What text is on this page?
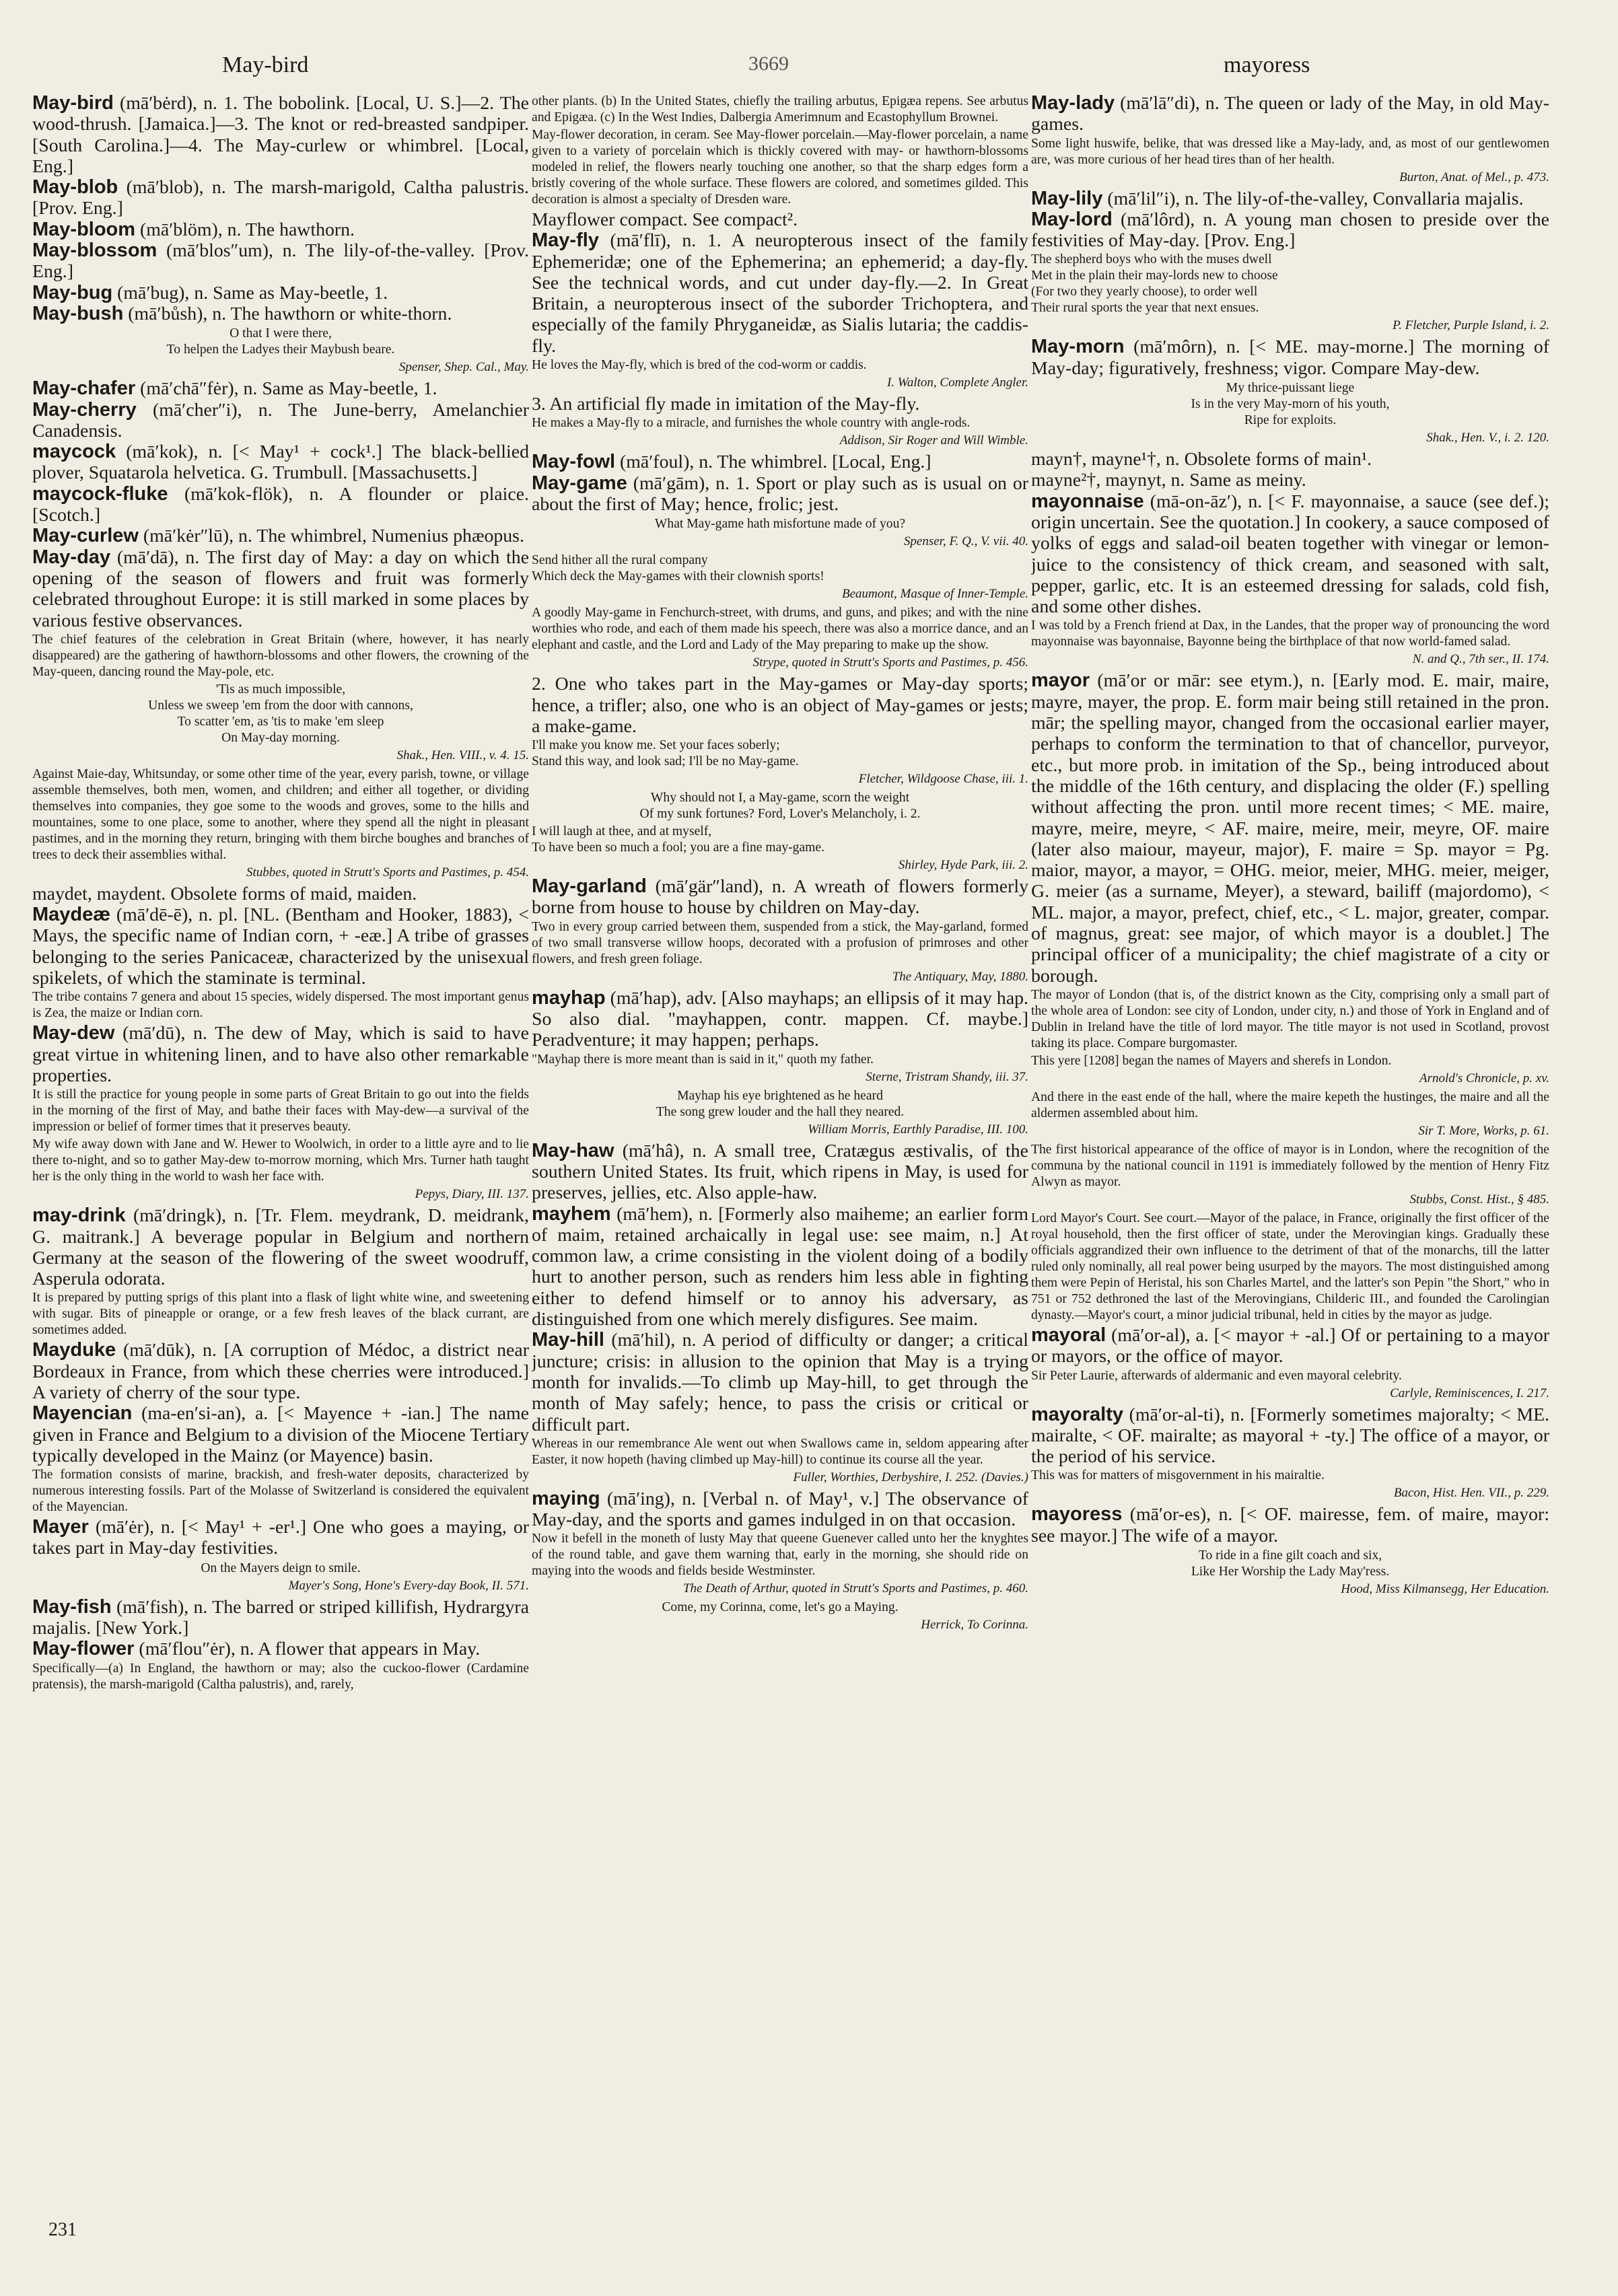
May-bird	3669	mayoress
May-bird (mā′bėrd), n. 1. The bobolink. [Local, U. S.]—2. The wood-thrush. [Jamaica.]—3. The knot or red-breasted sandpiper. [South Carolina.]—4. The May-curlew or whimbrel. [Local, Eng.]
May-blob (mā′blob), n. The marsh-marigold, Caltha palustris. [Prov. Eng.]
May-bloom (mā′blöm), n. The hawthorn.
May-blossom (mā′blos″um), n. The lily-of-the-valley. [Prov. Eng.]
May-bug (mā′bug), n. Same as May-beetle, 1.
May-bush (mā′bůsh), n. The hawthorn or white-thorn.
O that I were there,
To helpen the Ladyes their Maybush beare.
Spenser, Shep. Cal., May.
May-chafer (mā′chā″fėr), n. Same as May-beetle, 1.
May-cherry (mā′cher″i), n. The June-berry, Amelanchier Canadensis.
maycock (mā′kok), n. [< May¹ + cock¹.] The black-bellied plover, Squatarola helvetica. G. Trumbull. [Massachusetts.]
maycock-fluke (mā′kok-flök), n. A flounder or plaice. [Scotch.]
May-curlew (mā′kėr″lū), n. The whimbrel, Numenius phæopus.
May-day (mā′dā), n. The first day of May: a day on which the opening of the season of flowers and fruit was formerly celebrated throughout Europe: it is still marked in some places by various festive observances.
The chief features of the celebration in Great Britain (where, however, it has nearly disappeared) are the gathering of hawthorn-blossoms and other flowers, the crowning of the May-queen, dancing round the May-pole, etc.
'Tis as much impossible,
Unless we sweep 'em from the door with cannons,
To scatter 'em, as 'tis to make 'em sleep
On May-day morning.
Shak., Hen. VIII., v. 4. 15.
Against Maie-day, Whitsunday, or some other time of the year, every parish, towne, or village assemble themselves, both men, women, and children; and either all together, or dividing themselves into companies, they goe some to the woods and groves, some to the hills and mountaines, some to one place, some to another, where they spend all the night in pleasant pastimes, and in the morning they return, bringing with them birche boughes and branches of trees to deck their assemblies withal.
Stubbes, quoted in Strutt's Sports and Pastimes, p. 454.
maydet, maydent. Obsolete forms of maid, maiden.
Maydeæ (mā′dē-ē), n. pl. [NL. (Bentham and Hooker, 1883), < Mays, the specific name of Indian corn, + -eæ.] A tribe of grasses belonging to the series Panicaceæ, characterized by the unisexual spikelets, of which the staminate is terminal.
The tribe contains 7 genera and about 15 species, widely dispersed. The most important genus is Zea, the maize or Indian corn.
May-dew (mā′dū), n. The dew of May, which is said to have great virtue in whitening linen, and to have also other remarkable properties.
It is still the practice for young people in some parts of Great Britain to go out into the fields in the morning of the first of May, and bathe their faces with May-dew—a survival of the impression or belief of former times that it preserves beauty.
My wife away down with Jane and W. Hewer to Woolwich, in order to a little ayre and to lie there to-night, and so to gather May-dew to-morrow morning, which Mrs. Turner hath taught her is the only thing in the world to wash her face with.
Pepys, Diary, III. 137.
may-drink (mā′dringk), n. [Tr. Flem. meydrank, D. meidrank, G. maitrank.] A beverage popular in Belgium and northern Germany at the season of the flowering of the sweet woodruff, Asperula odorata.
It is prepared by putting sprigs of this plant into a flask of light white wine, and sweetening with sugar. Bits of pineapple or orange, or a few fresh leaves of the black currant, are sometimes added.
Mayduke (mā′dūk), n. [A corruption of Médoc, a district near Bordeaux in France, from which these cherries were introduced.] A variety of cherry of the sour type.
Mayencian (ma-en′si-an), a. [< Mayence + -ian.] The name given in France and Belgium to a division of the Miocene Tertiary typically developed in the Mainz (or Mayence) basin.
The formation consists of marine, brackish, and fresh-water deposits, characterized by numerous interesting fossils. Part of the Molasse of Switzerland is considered the equivalent of the Mayencian.
Mayer (mā′ėr), n. [< May¹ + -er¹.] One who goes a maying, or takes part in May-day festivities.
On the Mayers deign to smile.
Mayer's Song, Hone's Every-day Book, II. 571.
May-fish (mā′fish), n. The barred or striped killifish, Hydrargyra majalis. [New York.]
May-flower (mā′flou″ėr), n. A flower that appears in May.
Specifically—(a) In England, the hawthorn or may; also the cuckoo-flower (Cardamine pratensis), the marsh-marigold (Caltha palustris), and, rarely,
other plants. (b) In the United States, chiefly the trailing arbutus, Epigæa repens. See arbutus and Epigæa. (c) In the West Indies, Dalbergia Amerimnum and Ecastophyllum Brownei.
May-flower decoration, in ceram. See May-flower porcelain.—May-flower porcelain, a name given to a variety of porcelain which is thickly covered with may- or hawthorn-blossoms modeled in relief, the flowers nearly touching one another, so that the sharp edges form a bristly covering of the whole surface. These flowers are colored, and sometimes gilded. This decoration is almost a specialty of Dresden ware.
Mayflower compact. See compact².
May-fly (mā′flī), n. 1. A neuropterous insect of the family Ephemeridæ; one of the Ephemerina; an ephemerid; a day-fly. See the technical words, and cut under day-fly.—2. In Great Britain, a neuropterous insect of the suborder Trichoptera, and especially of the family Phryganeidæ, as Sialis lutaria; the caddis-fly.
He loves the May-fly, which is bred of the cod-worm or caddis.
I. Walton, Complete Angler.
3. An artificial fly made in imitation of the May-fly.
He makes a May-fly to a miracle, and furnishes the whole country with angle-rods.
Addison, Sir Roger and Will Wimble.
May-fowl (mā′foul), n. The whimbrel. [Local, Eng.]
May-game (mā′gām), n. 1. Sport or play such as is usual on or about the first of May; hence, frolic; jest.
What May-game hath misfortune made of you?
Spenser, F. Q., V. vii. 40.
Send hither all the rural company
Which deck the May-games with their clownish sports!
Beaumont, Masque of Inner-Temple.
A goodly May-game in Fenchurch-street, with drums, and guns, and pikes; and with the nine worthies who rode, and each of them made his speech, there was also a morrice dance, and an elephant and castle, and the Lord and Lady of the May preparing to make up the show.
Strype, quoted in Strutt's Sports and Pastimes, p. 456.
2. One who takes part in the May-games or May-day sports; hence, a trifler; also, one who is an object of May-games or jests; a make-game.
I'll make you know me. Set your faces soberly;
Stand this way, and look sad; I'll be no May-game.
Fletcher, Wildgoose Chase, iii. 1.
Why should not I, a May-game, scorn the weight
Of my sunk fortunes? Ford, Lover's Melancholy, i. 2.
I will laugh at thee, and at myself,
To have been so much a fool; you are a fine may-game.
Shirley, Hyde Park, iii. 2.
May-garland (mā′gär″land), n. A wreath of flowers formerly borne from house to house by children on May-day.
Two in every group carried between them, suspended from a stick, the May-garland, formed of two small transverse willow hoops, decorated with a profusion of primroses and other flowers, and fresh green foliage.
The Antiquary, May, 1880.
mayhap (mā′hap), adv. [Also mayhaps; an ellipsis of it may hap. So also dial. "mayhappen, contr. mappen. Cf. maybe.] Peradventure; it may happen; perhaps.
"Mayhap there is more meant than is said in it," quoth my father.
Sterne, Tristram Shandy, iii. 37.
Mayhap his eye brightened as he heard
The song grew louder and the hall they neared.
William Morris, Earthly Paradise, III. 100.
May-haw (mā′hâ), n. A small tree, Cratægus æstivalis, of the southern United States. Its fruit, which ripens in May, is used for preserves, jellies, etc. Also apple-haw.
mayhem (mā′hem), n. [Formerly also maiheme; an earlier form of maim, retained archaically in legal use: see maim, n.] At common law, a crime consisting in the violent doing of a bodily hurt to another person, such as renders him less able in fighting either to defend himself or to annoy his adversary, as distinguished from one which merely disfigures. See maim.
May-hill (mā′hil), n. A period of difficulty or danger; a critical juncture; crisis: in allusion to the opinion that May is a trying month for invalids.—To climb up May-hill, to get through the month of May safely; hence, to pass the crisis or critical or difficult part.
Whereas in our remembrance Ale went out when Swallows came in, seldom appearing after Easter, it now hopeth (having climbed up May-hill) to continue its course all the year.
Fuller, Worthies, Derbyshire, I. 252. (Davies.)
maying (mā′ing), n. [Verbal n. of May¹, v.] The observance of May-day, and the sports and games indulged in on that occasion.
Now it befell in the moneth of lusty May that queene Guenever called unto her the knyghtes of the round table, and gave them warning that, early in the morning, she should ride on maying into the woods and fields beside Westminster.
The Death of Arthur, quoted in Strutt's Sports and Pastimes, p. 460.
Come, my Corinna, come, let's go a Maying.
Herrick, To Corinna.
May-lady (mā′lā″di), n. The queen or lady of the May, in old May-games.
Some light huswife, belike, that was dressed like a May-lady, and, as most of our gentlewomen are, was more curious of her head tires than of her health.
Burton, Anat. of Mel., p. 473.
May-lily (mā′lil″i), n. The lily-of-the-valley, Convallaria majalis.
May-lord (mā′lôrd), n. A young man chosen to preside over the festivities of May-day. [Prov. Eng.]
The shepherd boys who with the muses dwell
Met in the plain their may-lords new to choose
(For two they yearly choose), to order well
Their rural sports the year that next ensues.
P. Fletcher, Purple Island, i. 2.
May-morn (mā′môrn), n. [< ME. may-morne.] The morning of May-day; figuratively, freshness; vigor. Compare May-dew.
My thrice-puissant liege
Is in the very May-morn of his youth,
Ripe for exploits.
Shak., Hen. V., i. 2. 120.
mayn†, mayne¹†, n. Obsolete forms of main¹.
mayne²†, maynyt, n. Same as meiny.
mayonnaise (mā-on-āz′), n. [< F. mayonnaise, a sauce (see def.); origin uncertain. See the quotation.] In cookery, a sauce composed of yolks of eggs and salad-oil beaten together with vinegar or lemon-juice to the consistency of thick cream, and seasoned with salt, pepper, garlic, etc. It is an esteemed dressing for salads, cold fish, and some other dishes.
I was told by a French friend at Dax, in the Landes, that the proper way of pronouncing the word mayonnaise was bayonnaise, Bayonne being the birthplace of that now world-famed salad.
N. and Q., 7th ser., II. 174.
mayor (mā′or or mār: see etym.), n. [Early mod. E. mair, maire, mayre, mayer, the prop. E. form mair being still retained in the pron. mār; the spelling mayor, changed from the occasional earlier mayer, perhaps to conform the termination to that of chancellor, purveyor, etc., but more prob. in imitation of the Sp., being introduced about the middle of the 16th century, and displacing the older (F.) spelling without affecting the pron. until more recent times; < ME. maire, mayre, meire, meyre, < AF. maire, meire, meir, meyre, OF. maire (later also maiour, mayeur, major), F. maire = Sp. mayor = Pg. maior, mayor, a mayor, = OHG. meior, meier, MHG. meier, meiger, G. meier (as a surname, Meyer), a steward, bailiff (majordomo), < ML. major, a mayor, prefect, chief, etc., < L. major, greater, compar. of magnus, great: see major, of which mayor is a doublet.] The principal officer of a municipality; the chief magistrate of a city or borough.
The mayor of London (that is, of the district known as the City, comprising only a small part of the whole area of London: see city of London, under city, n.) and those of York in England and of Dublin in Ireland have the title of lord mayor. The title mayor is not used in Scotland, provost taking its place. Compare burgomaster.
This yere [1208] began the names of Mayers and sherefs in London.
Arnold's Chronicle, p. xv.
And there in the east ende of the hall, where the maire kepeth the hustinges, the maire and all the aldermen assembled about him.
Sir T. More, Works, p. 61.
The first historical appearance of the office of mayor is in London, where the recognition of the communa by the national council in 1191 is immediately followed by the mention of Henry Fitz Alwyn as mayor.
Stubbs, Const. Hist., § 485.
Lord Mayor's Court. See court.—Mayor of the palace, in France, originally the first officer of the royal household, then the first officer of state, under the Merovingian kings. Gradually these officials aggrandized their own influence to the detriment of that of the monarchs, till the latter ruled only nominally, all real power being usurped by the mayors. The most distinguished among them were Pepin of Heristal, his son Charles Martel, and the latter's son Pepin "the Short," who in 751 or 752 dethroned the last of the Merovingians, Childeric III., and founded the Carolingian dynasty.—Mayor's court, a minor judicial tribunal, held in cities by the mayor as judge.
mayoral (mā′or-al), a. [< mayor + -al.] Of or pertaining to a mayor or mayors, or the office of mayor.
Sir Peter Laurie, afterwards of aldermanic and even mayoral celebrity.
Carlyle, Reminiscences, I. 217.
mayoralty (mā′or-al-ti), n. [Formerly sometimes majoralty; < ME. mairalte, < OF. mairalte; as mayoral + -ty.] The office of a mayor, or the period of his service.
This was for matters of misgovernment in his mairaltie.
Bacon, Hist. Hen. VII., p. 229.
mayoress (mā′or-es), n. [< OF. mairesse, fem. of maire, mayor: see mayor.] The wife of a mayor.
To ride in a fine gilt coach and six,
Like Her Worship the Lady May'ress.
Hood, Miss Kilmansegg, Her Education.
231
